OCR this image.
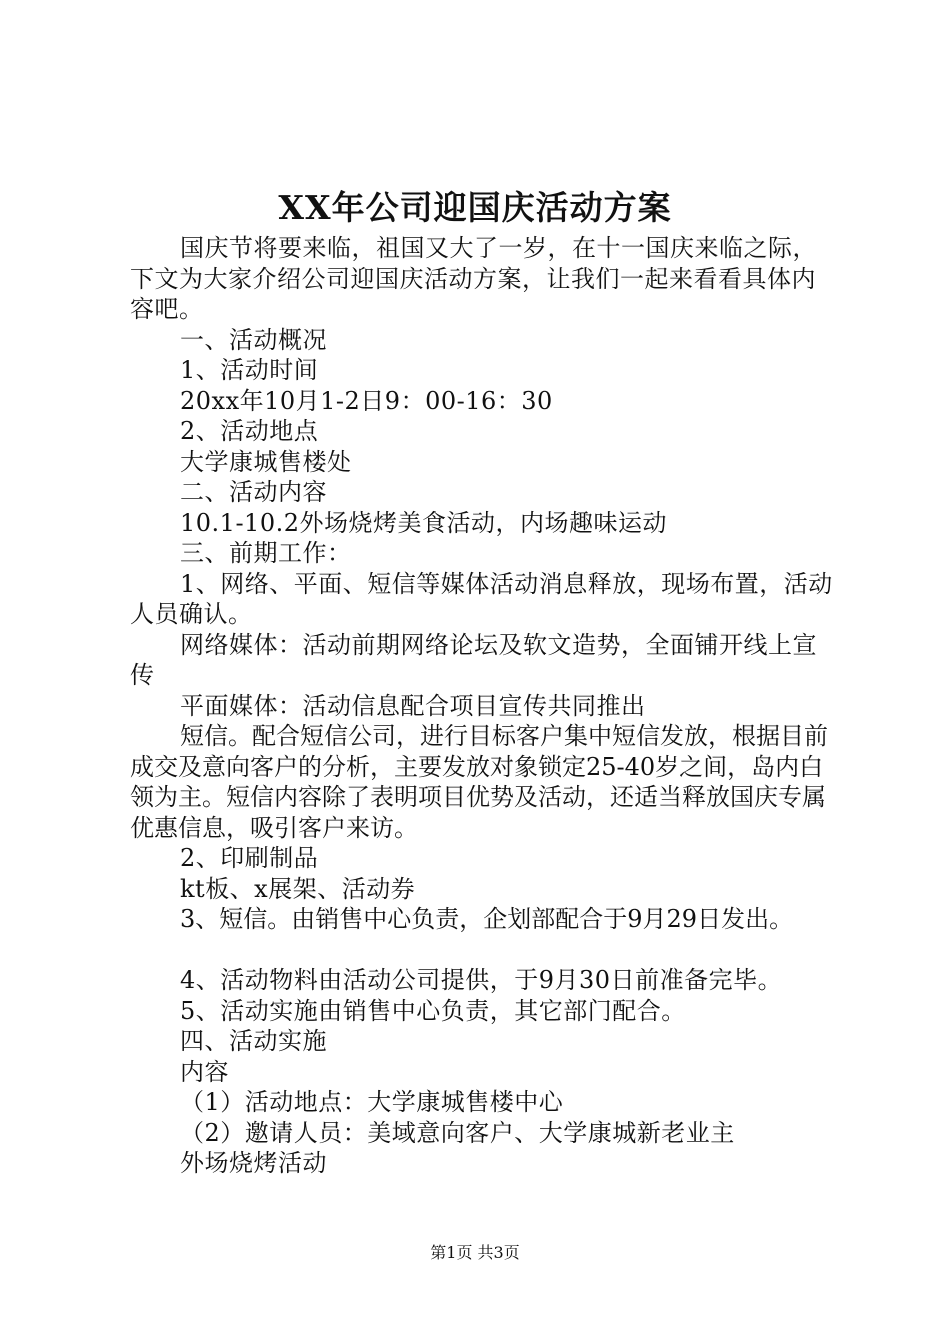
XX年公司迎国庆活动方案

国庆节将要来临，祖国又大了一岁，在十一国庆来临之际，下文为大家介绍公司迎国庆活动方案，让我们一起来看看具体内容吧。

一、活动概况

1、活动时间

20xx年10月1-2日9：00-16：30

2、活动地点

大学康城售楼处

二、活动内容

10.1-10.2外场烧烤美食活动，内场趣味运动

三、前期工作：

1、网络、平面、短信等媒体活动消息释放，现场布置，活动人员确认。

网络媒体：活动前期网络论坛及软文造势，全面铺开线上宣传

平面媒体：活动信息配合项目宣传共同推出

短信。配合短信公司，进行目标客户集中短信发放，根据目前成交及意向客户的分析，主要发放对象锁定25-40岁之间，岛内白领为主。短信内容除了表明项目优势及活动，还适当释放国庆专属优惠信息，吸引客户来访。

2、印刷制品

kt板、x展架、活动券

3、短信。由销售中心负责，企划部配合于9月29日发出。

4、活动物料由活动公司提供，于9月30日前准备完毕。

5、活动实施由销售中心负责，其它部门配合。

四、活动实施

内容

（1）活动地点：大学康城售楼中心

（2）邀请人员：美域意向客户、大学康城新老业主

外场烧烤活动

第1页 共3页
